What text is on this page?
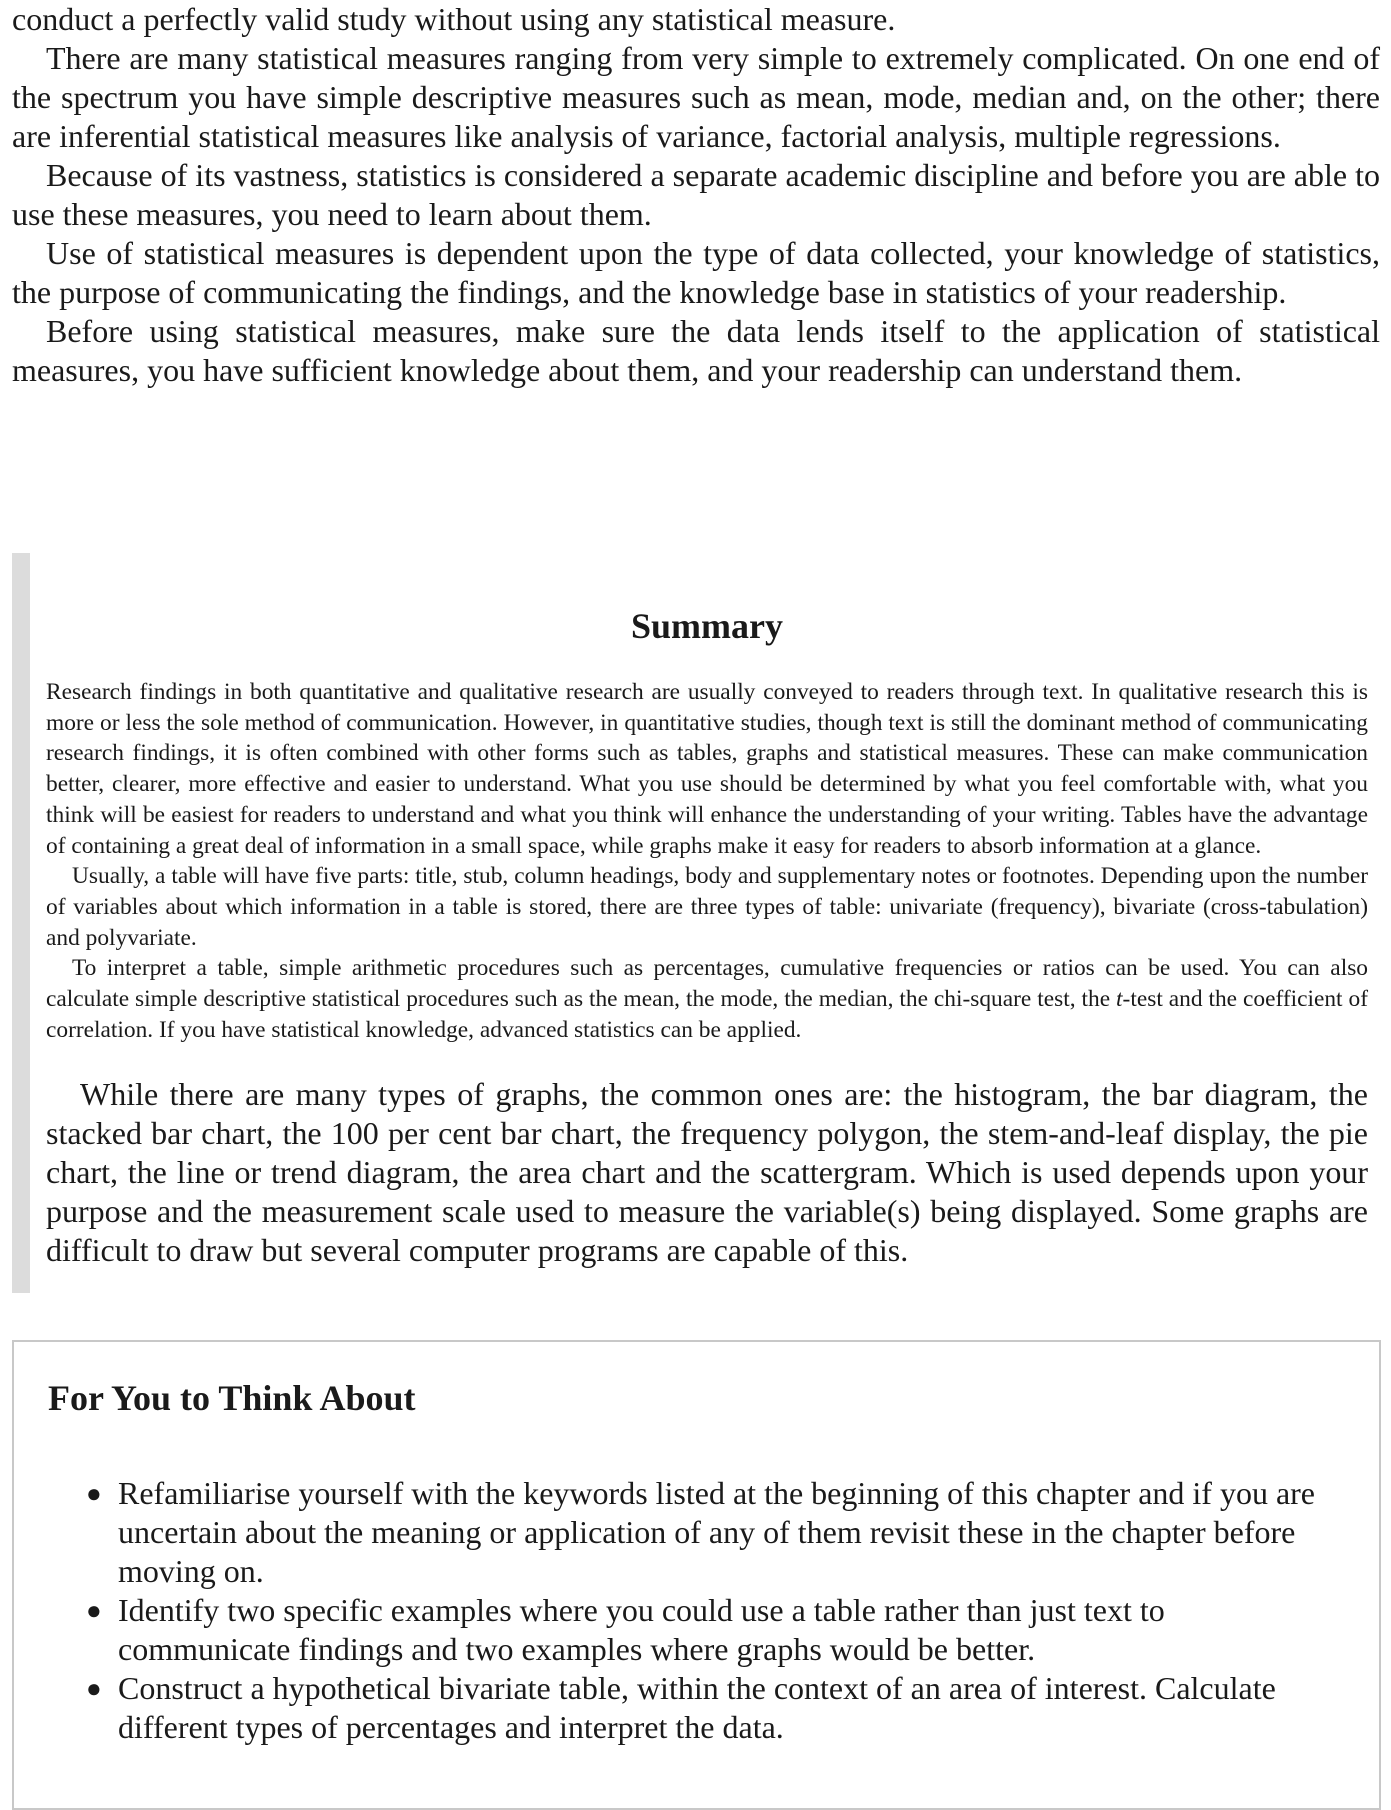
conduct a perfectly valid study without using any statistical measure.

There are many statistical measures ranging from very simple to extremely complicated. On one end of the spectrum you have simple descriptive measures such as mean, mode, median and, on the other; there are inferential statistical measures like analysis of variance, factorial analysis, multiple regressions.

Because of its vastness, statistics is considered a separate academic discipline and before you are able to use these measures, you need to learn about them.

Use of statistical measures is dependent upon the type of data collected, your knowledge of statistics, the purpose of communicating the findings, and the knowledge base in statistics of your readership.

Before using statistical measures, make sure the data lends itself to the application of statistical measures, you have sufficient knowledge about them, and your readership can understand them.

Summary

Research findings in both quantitative and qualitative research are usually conveyed to readers through text. In qualitative research this is more or less the sole method of communication. However, in quantitative studies, though text is still the dominant method of communicating research findings, it is often combined with other forms such as tables, graphs and statistical measures. These can make communication better, clearer, more effective and easier to understand. What you use should be determined by what you feel comfortable with, what you think will be easiest for readers to understand and what you think will enhance the understanding of your writing. Tables have the advantage of containing a great deal of information in a small space, while graphs make it easy for readers to absorb information at a glance.

Usually, a table will have five parts: title, stub, column headings, body and supplementary notes or footnotes. Depending upon the number of variables about which information in a table is stored, there are three types of table: univariate (frequency), bivariate (cross-tabulation) and polyvariate.

To interpret a table, simple arithmetic procedures such as percentages, cumulative frequencies or ratios can be used. You can also calculate simple descriptive statistical procedures such as the mean, the mode, the median, the chi-square test, the t-test and the coefficient of correlation. If you have statistical knowledge, advanced statistics can be applied.

While there are many types of graphs, the common ones are: the histogram, the bar diagram, the stacked bar chart, the 100 per cent bar chart, the frequency polygon, the stem-and-leaf display, the pie chart, the line or trend diagram, the area chart and the scattergram. Which is used depends upon your purpose and the measurement scale used to measure the variable(s) being displayed. Some graphs are difficult to draw but several computer programs are capable of this.

For You to Think About
● Refamiliarise yourself with the keywords listed at the beginning of this chapter and if you are uncertain about the meaning or application of any of them revisit these in the chapter before moving on.
● Identify two specific examples where you could use a table rather than just text to communicate findings and two examples where graphs would be better.
● Construct a hypothetical bivariate table, within the context of an area of interest. Calculate different types of percentages and interpret the data.
